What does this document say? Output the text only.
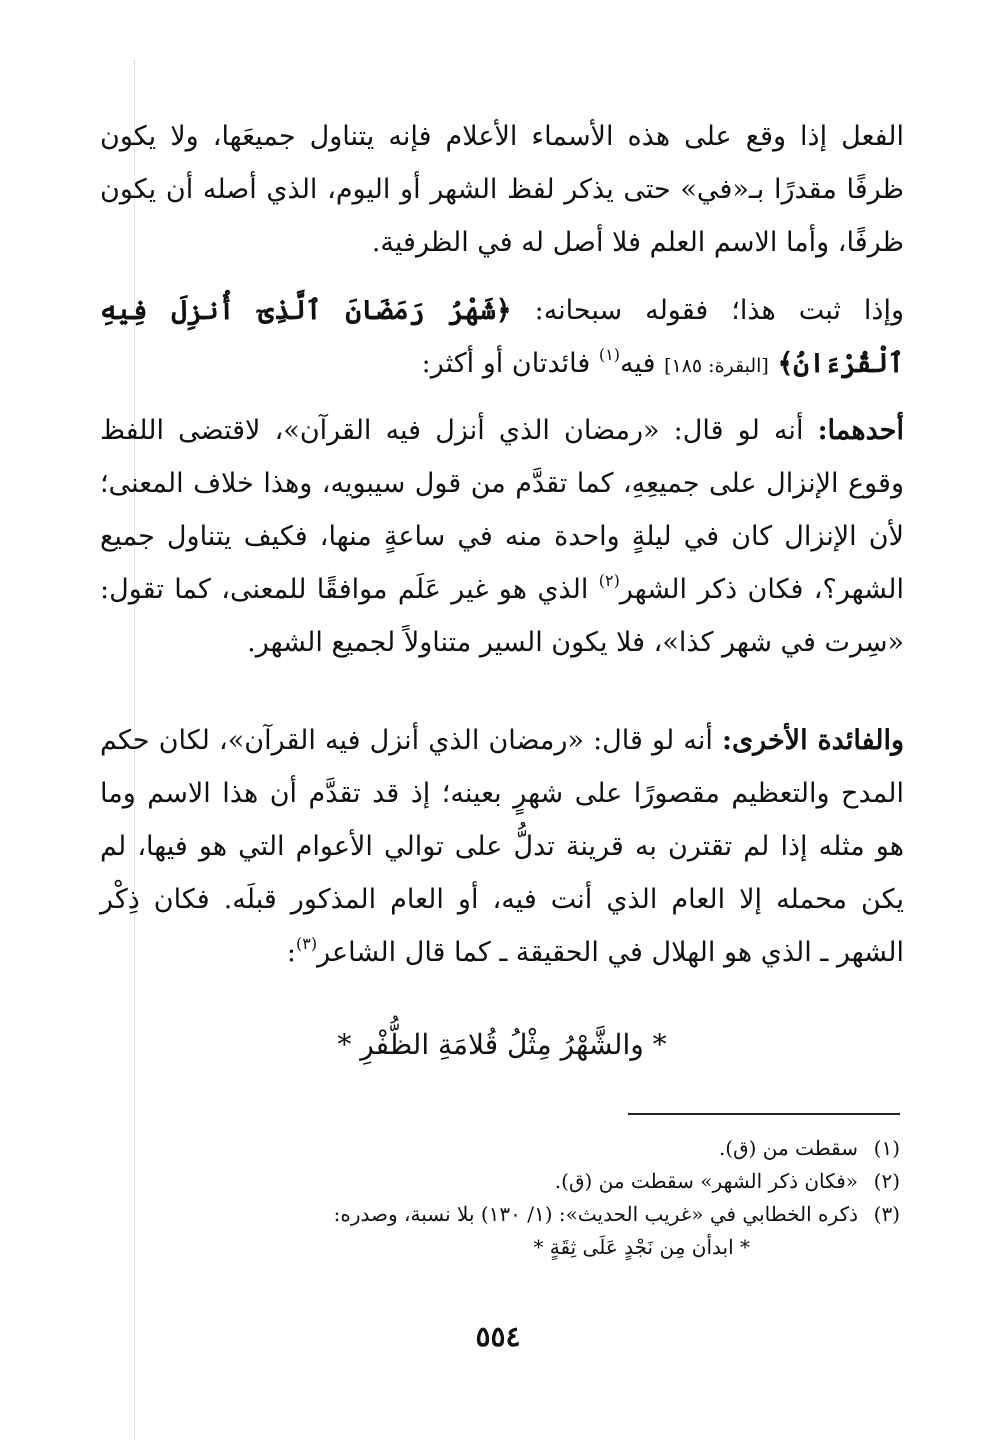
الفعل إذا وقع على هذه الأسماء الأعلام فإنه يتناول جميعَها، ولا يكون ظرفًا مقدرًا بـ«في» حتى يذكر لفظ الشهر أو اليوم، الذي أصله أن يكون ظرفًا، وأما الاسم العلم فلا أصل له في الظرفية.

وإذا ثبت هذا؛ فقوله سبحانه: ﴿شَهْرُ رَمَضَانَ ٱلَّذِىٓ أُنزِلَ فِيهِ ٱلْقُرْءَانُ﴾ [البقرة: ١٨٥] فيه$^{(١)}$ فائدتان أو أكثر:

أحدهما: أنه لو قال: «رمضان الذي أنزل فيه القرآن»، لاقتضى اللفظ وقوع الإنزال على جميعِهِ، كما تقدَّم من قول سيبويه، وهذا خلاف المعنى؛ لأن الإنزال كان في ليلةٍ واحدة منه في ساعةٍ منها، فكيف يتناول جميع الشهر؟، فكان ذكر الشهر$^{(٢)}$ الذي هو غير عَلَم موافقًا للمعنى، كما تقول: «سِرت في شهر كذا»، فلا يكون السير متناولاً لجميع الشهر.

والفائدة الأخرى: أنه لو قال: «رمضان الذي أنزل فيه القرآن»، لكان حكم المدح والتعظيم مقصورًا على شهرٍ بعينه؛ إذ قد تقدَّم أن هذا الاسم وما هو مثله إذا لم تقترن به قرينة تدلُّ على توالي الأعوام التي هو فيها، لم يكن محمله إلا العام الذي أنت فيه، أو العام المذكور قبلَه. فكان ذِكْر الشهر ـ الذي هو الهلال في الحقيقة ـ كما قال الشاعر$^{(٣)}$:

* والشَّهْرُ مِثْلُ قُلامَةِ الظُّفْرِ *
(١)
سقطت من (ق).
(٢)
«فكان ذكر الشهر» سقطت من (ق).
(٣)
ذكره الخطابي في «غريب الحديث»: (١/ ١٣٠) بلا نسبة، وصدره:
* ابدأن مِن نَجْدٍ عَلَى ثِقَةٍ *
٥٥٤
